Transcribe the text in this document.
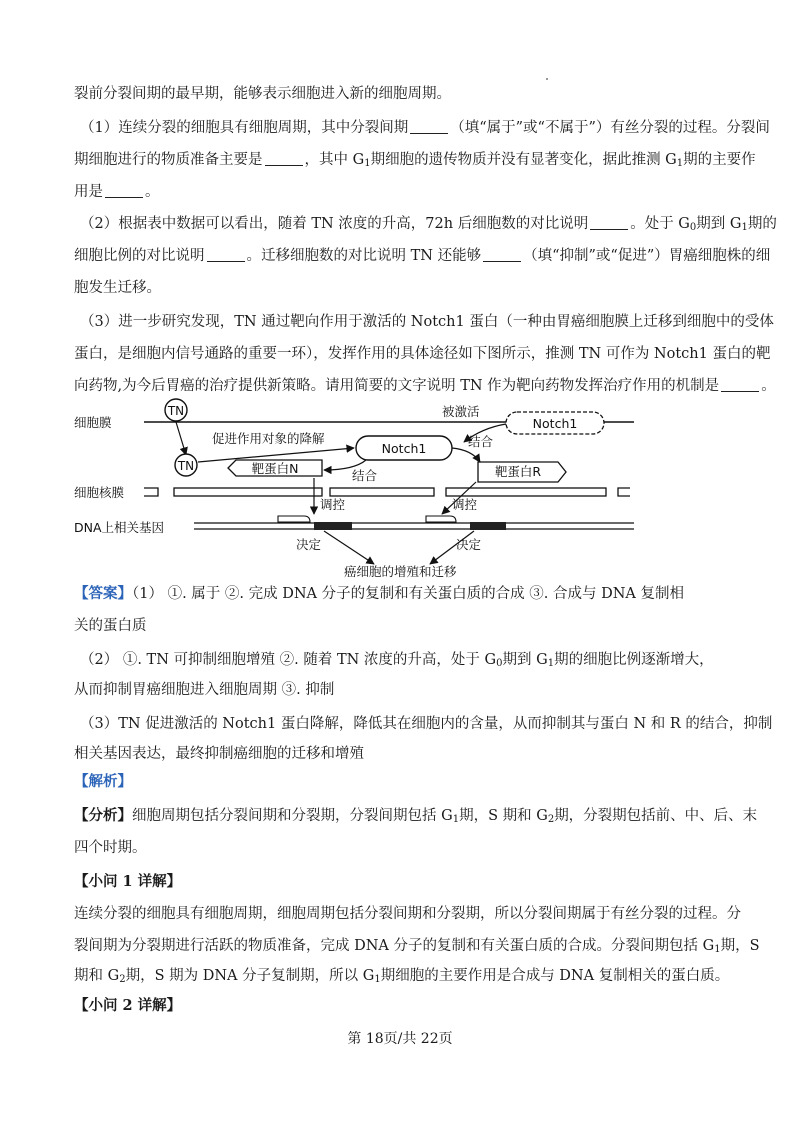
裂前分裂间期的最早期，能够表示细胞进入新的细胞周期。
（1）连续分裂的细胞具有细胞周期，其中分裂间期	（填“属于”或“不属于”）有丝分裂的过程。分裂间
期细胞进行的物质准备主要是	，其中 $G_1$期细胞的遗传物质并没有显著变化，据此推测 $G_1$期的主要作
用是	。
（2）根据表中数据可以看出，随着 TN 浓度的升高，72h 后细胞数的对比说明	。处于 $G_0$期到 $G_1$期的
细胞比例的对比说明	。迁移细胞数的对比说明 TN 还能够	（填“抑制”或“促进”）胃癌细胞株的细
胞发生迁移。
（3）进一步研究发现，TN 通过靶向作用于激活的 Notch1 蛋白（一种由胃癌细胞膜上迁移到细胞中的受体
蛋白，是细胞内信号通路的重要一环），发挥作用的具体途径如下图所示，推测 TN 可作为 Notch1 蛋白的靶
向药物,为今后胃癌的治疗提供新策略。请用简要的文字说明 TN 作为靶向药物发挥治疗作用的机制是	。
细胞膜
TN
TN
促进作用对象的降解
Notch1
被激活
Notch1
靶蛋白N	结合	靶蛋白R
结合
细胞核膜
调控	调控
DNA上相关基因
决定	决定
癌细胞的增殖和迁移
【答案】（1） ①. 属于 ②. 完成 DNA 分子的复制和有关蛋白质的合成 ③. 合成与 DNA 复制相
关的蛋白质
（2） ①. TN 可抑制细胞增殖 ②. 随着 TN 浓度的升高，处于 $G_0$期到 $G_1$期的细胞比例逐渐增大，
从而抑制胃癌细胞进入细胞周期 ③. 抑制
（3）TN 促进激活的 Notch1 蛋白降解，降低其在细胞内的含量，从而抑制其与蛋白 N 和 R 的结合，抑制
相关基因表达，最终抑制癌细胞的迁移和增殖
【解析】
【分析】细胞周期包括分裂间期和分裂期，分裂间期包括 $G_1$期，S 期和 $G_2$期，分裂期包括前、中、后、末
四个时期。
【小问 1 详解】
连续分裂的细胞具有细胞周期，细胞周期包括分裂间期和分裂期，所以分裂间期属于有丝分裂的过程。分
裂间期为分裂期进行活跃的物质准备，完成 DNA 分子的复制和有关蛋白质的合成。分裂间期包括 $G_1$期，S
期和 $G_2$期，S 期为 DNA 分子复制期，所以 $G_1$期细胞的主要作用是合成与 DNA 复制相关的蛋白质。
【小问 2 详解】
第 18页/共 22页
